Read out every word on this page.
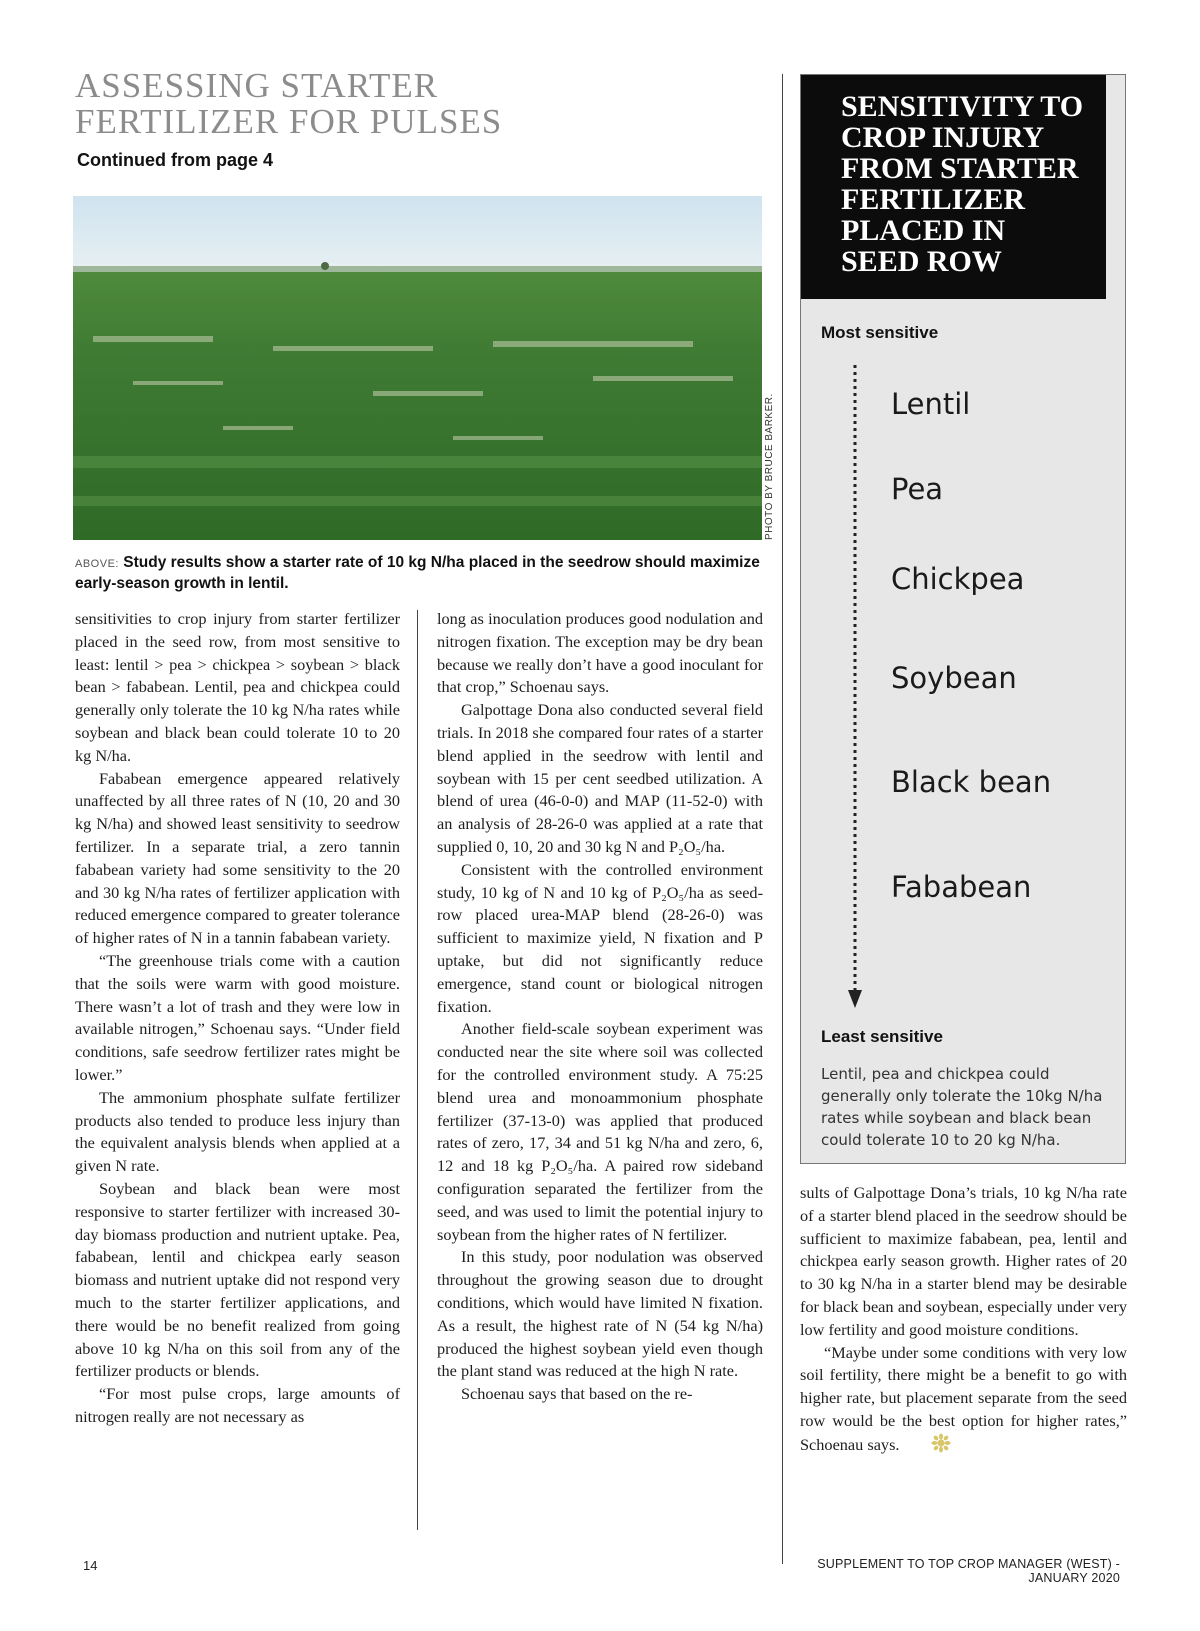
ASSESSING STARTER
FERTILIZER FOR PULSES
Continued from page 4
PHOTO BY BRUCE BARKER.
ABOVE: Study results show a starter rate of 10 kg N/ha placed in the seedrow should maximize early-season growth in lentil.

sensitivities to crop injury from starter fertilizer placed in the seed row, from most sensitive to least: lentil > pea > chickpea > soybean > black bean > fababean. Lentil, pea and chickpea could generally only tolerate the 10 kg N/ha rates while soybean and black bean could tolerate 10 to 20 kg N/ha.

Fababean emergence appeared relatively unaffected by all three rates of N (10, 20 and 30 kg N/ha) and showed least sensitivity to seedrow fertilizer. In a separate trial, a zero tannin fababean variety had some sensitivity to the 20 and 30 kg N/ha rates of fertilizer application with reduced emergence compared to greater tolerance of higher rates of N in a tannin fababean variety.

“The greenhouse trials come with a caution that the soils were warm with good moisture. There wasn’t a lot of trash and they were low in available nitrogen,” Schoenau says. “Under field conditions, safe seedrow fertilizer rates might be lower.”

The ammonium phosphate sulfate fertilizer products also tended to produce less injury than the equivalent analysis blends when applied at a given N rate.

Soybean and black bean were most responsive to starter fertilizer with increased 30-day biomass production and nutrient uptake. Pea, fababean, lentil and chickpea early season biomass and nutrient uptake did not respond very much to the starter fertilizer applications, and there would be no benefit realized from going above 10 kg N/ha on this soil from any of the fertilizer products or blends.

“For most pulse crops, large amounts of nitrogen really are not necessary as

long as inoculation produces good nodulation and nitrogen fixation. The exception may be dry bean because we really don’t have a good inoculant for that crop,” Schoenau says.

Galpottage Dona also conducted several field trials. In 2018 she compared four rates of a starter blend applied in the seedrow with lentil and soybean with 15 per cent seedbed utilization. A blend of urea (46-0-0) and MAP (11-52-0) with an analysis of 28-26-0 was applied at a rate that supplied 0, 10, 20 and 30 kg N and P₂O₅/ha.

Consistent with the controlled environment study, 10 kg of N and 10 kg of P₂O₅/ha as seed-row placed urea-MAP blend (28-26-0) was sufficient to maximize yield, N fixation and P uptake, but did not significantly reduce emergence, stand count or biological nitrogen fixation.

Another field-scale soybean experiment was conducted near the site where soil was collected for the controlled environment study. A 75:25 blend urea and monoammonium phosphate fertilizer (37-13-0) was applied that produced rates of zero, 17, 34 and 51 kg N/ha and zero, 6, 12 and 18 kg P₂O₅/ha. A paired row sideband configuration separated the fertilizer from the seed, and was used to limit the potential injury to soybean from the higher rates of N fertilizer.

In this study, poor nodulation was observed throughout the growing season due to drought conditions, which would have limited N fixation. As a result, the highest rate of N (54 kg N/ha) produced the highest soybean yield even though the plant stand was reduced at the high N rate.

Schoenau says that based on the re-

sults of Galpottage Dona’s trials, 10 kg N/ha rate of a starter blend placed in the seedrow should be sufficient to maximize fababean, pea, lentil and chickpea early season growth. Higher rates of 20 to 30 kg N/ha in a starter blend may be desirable for black bean and soybean, especially under very low fertility and good moisture conditions.

“Maybe under some conditions with very low soil fertility, there might be a benefit to go with higher rate, but placement separate from the seed row would be the best option for higher rates,” Schoenau says.

SENSITIVITY TO
CROP INJURY
FROM STARTER
FERTILIZER
PLACED IN
SEED ROW
Most sensitive
Lentil
Pea
Chickpea
Soybean
Black bean
Fababean
Least sensitive
Lentil, pea and chickpea could generally only tolerate the 10kg N/ha rates while soybean and black bean could tolerate 10 to 20 kg N/ha.
14	SUPPLEMENT TO TOP CROP MANAGER (WEST) - JANUARY 2020
